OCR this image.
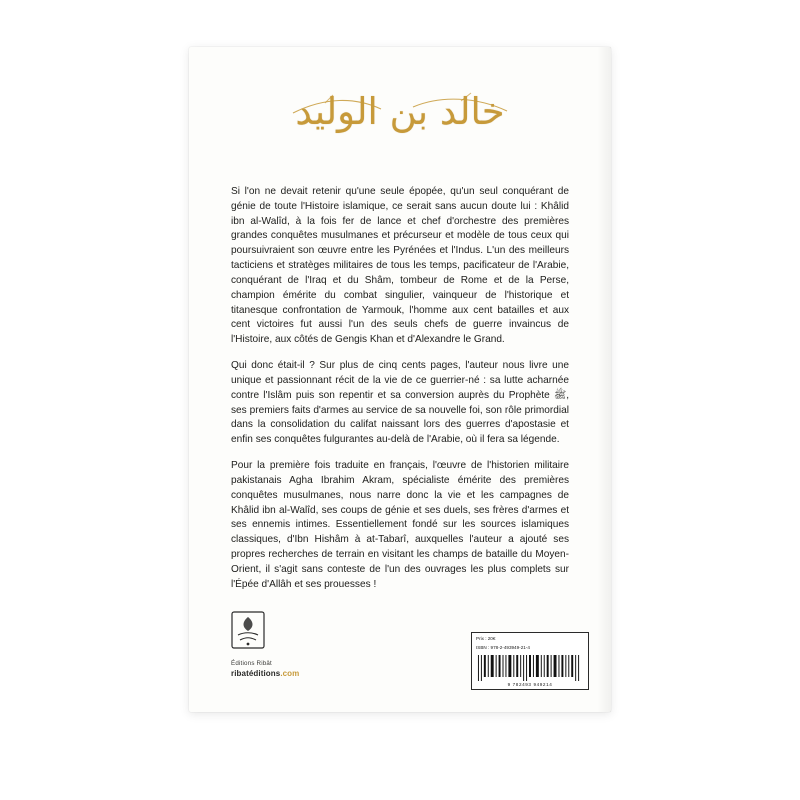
خالد بن الوليد

Si l'on ne devait retenir qu'une seule épopée, qu'un seul conquérant de génie de toute l'Histoire islamique, ce serait sans aucun doute lui : Khâlid ibn al-Walîd, à la fois fer de lance et chef d'orchestre des premières grandes conquêtes musulmanes et précurseur et modèle de tous ceux qui poursuivraient son œuvre entre les Pyrénées et l'Indus. L'un des meilleurs tacticiens et stratèges militaires de tous les temps, pacificateur de l'Arabie, conquérant de l'Iraq et du Shâm, tombeur de Rome et de la Perse, champion émérite du combat singulier, vainqueur de l'historique et titanesque confrontation de Yarmouk, l'homme aux cent batailles et aux cent victoires fut aussi l'un des seuls chefs de guerre invaincus de l'Histoire, aux côtés de Gengis Khan et d'Alexandre le Grand.

Qui donc était-il ? Sur plus de cinq cents pages, l'auteur nous livre une unique et passionnant récit de la vie de ce guerrier-né : sa lutte acharnée contre l'Islâm puis son repentir et sa conversion auprès du Prophète ﷺ, ses premiers faits d'armes au service de sa nouvelle foi, son rôle primordial dans la consolidation du califat naissant lors des guerres d'apostasie et enfin ses conquêtes fulgurantes au-delà de l'Arabie, où il fera sa légende.

Pour la première fois traduite en français, l'œuvre de l'historien militaire pakistanais Agha Ibrahim Akram, spécialiste émérite des premières conquêtes musulmanes, nous narre donc la vie et les campagnes de Khâlid ibn al-Walîd, ses coups de génie et ses duels, ses frères d'armes et ses ennemis intimes. Essentiellement fondé sur les sources islamiques classiques, d'Ibn Hishâm à at-Tabarî, auxquelles l'auteur a ajouté ses propres recherches de terrain en visitant les champs de bataille du Moyen-Orient, il s'agit sans conteste de l'un des ouvrages les plus complets sur l'Épée d'Allâh et ses prouesses !

Éditions Ribât
ribatéditions.com
Prix : 20€
ISBN : 978-2-493949-21-4
9 782493 949214
